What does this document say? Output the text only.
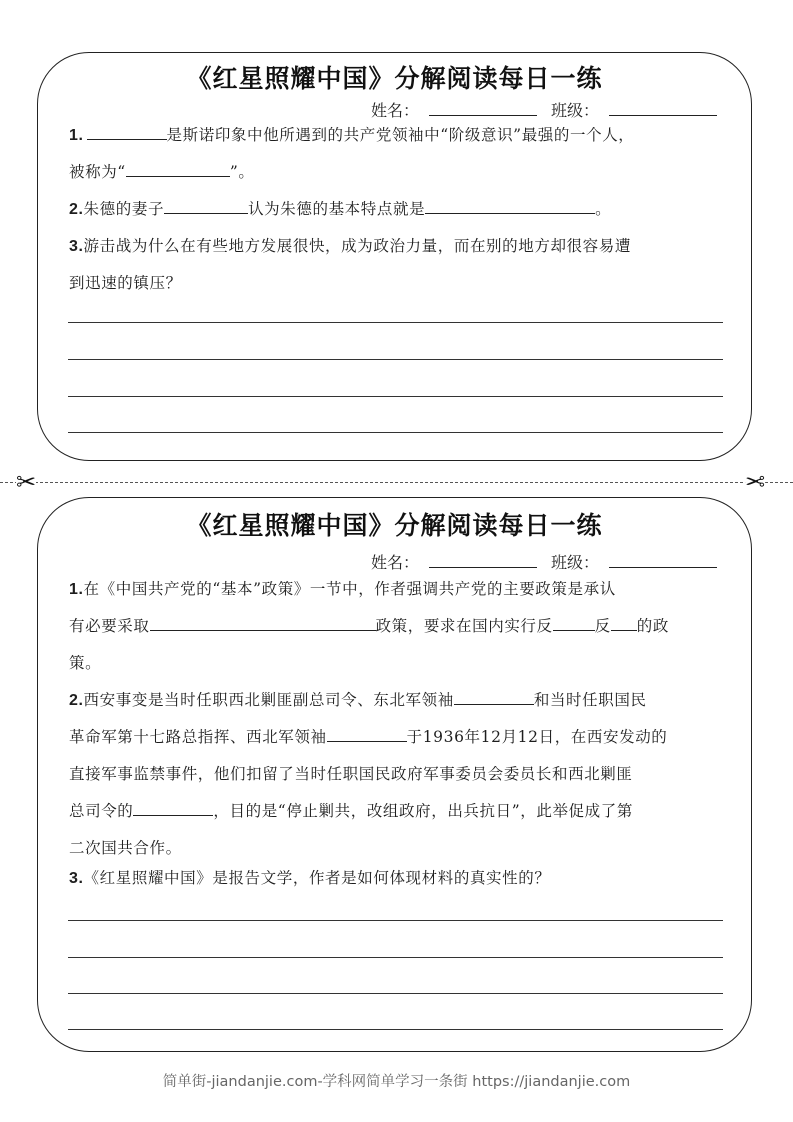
《红星照耀中国》分解阅读每日一练
姓名：	班级：
1.	是斯诺印象中他所遇到的共产党领袖中“阶级意识”最强的一个人，
被称为“	”。
2.朱德的妻子	认为朱德的基本特点就是	。
3.游击战为什么在有些地方发展很快，成为政治力量，而在别的地方却很容易遭
到迅速的镇压？
✂	✂
《红星照耀中国》分解阅读每日一练
姓名：	班级：
1.在《中国共产党的“基本”政策》一节中，作者强调共产党的主要政策是承认
有必要采取	政策，要求在国内实行反	反 的政
策。
2.西安事变是当时任职西北剿匪副总司令、东北军领袖	和当时任职国民
革命军第十七路总指挥、西北军领袖	于1936年12月12日，在西安发动的
直接军事监禁事件，他们扣留了当时任职国民政府军事委员会委员长和西北剿匪
总司令的	，目的是“停止剿共，改组政府，出兵抗日”，此举促成了第
二次国共合作。
3.《红星照耀中国》是报告文学，作者是如何体现材料的真实性的？
简单街-jiandanjie.com-学科网简单学习一条街 https://jiandanjie.com
